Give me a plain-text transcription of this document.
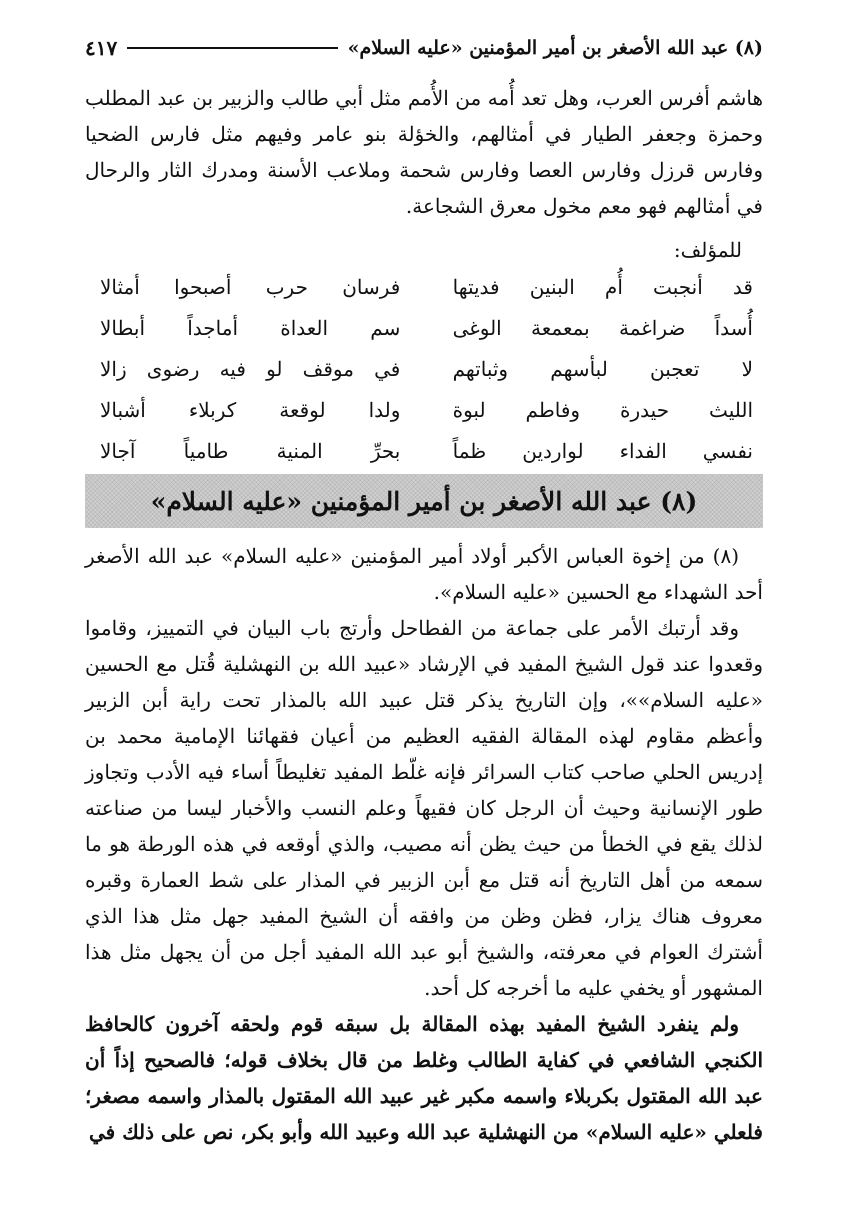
(٨) عبد الله الأصغر بن أمير المؤمنين «عليه السلام»
٤١٧

هاشم أفرس العرب، وهل تعد أُمه من الأُمم مثل أبي طالب والزبير بن عبد المطلب وحمزة وجعفر الطيار في أمثالهم، والخؤلة بنو عامر وفيهم مثل فارس الضحيا وفارس قرزل وفارس العصا وفارس شحمة وملاعب الأسنة ومدرك الثار والرحال في أمثالهم فهو معم مخول معرق الشجاعة.

للمؤلف:
قد أنجبت أُم البنين فديتها
فرسان حرب أصبحوا أمثالا
أُسداً ضراغمة بمعمعة الوغى
سم العداة أماجداً أبطالا
لا تعجبن لبأسهم وثباتهم
في موقف لو فيه رضوى زالا
الليث حيدرة وفاطم لبوة
ولدا لوقعة كربلاء أشبالا
نفسي الفداء لواردين ظماً
بحرِّ المنية طامياً آجالا
(٨) عبد الله الأصغر بن أمير المؤمنين «عليه السلام»

(٨) من إخوة العباس الأكبر أولاد أمير المؤمنين «عليه السلام» عبد الله الأصغر أحد الشهداء مع الحسين «عليه السلام».

وقد أرتبك الأمر على جماعة من الفطاحل وأرتج باب البيان في التمييز، وقاموا وقعدوا عند قول الشيخ المفيد في الإرشاد «عبيد الله بن النهشلية قُتل مع الحسين «عليه السلام»»، وإن التاريخ يذكر قتل عبيد الله بالمذار تحت راية أبن الزبير وأعظم مقاوم لهذه المقالة الفقيه العظيم من أعيان فقهائنا الإمامية محمد بن إدريس الحلي صاحب كتاب السرائر فإنه غلّط المفيد تغليطاً أساء فيه الأدب وتجاوز طور الإنسانية وحيث أن الرجل كان فقيهاً وعلم النسب والأخبار ليسا من صناعته لذلك يقع في الخطأ من حيث يظن أنه مصيب، والذي أوقعه في هذه الورطة هو ما سمعه من أهل التاريخ أنه قتل مع أبن الزبير في المذار على شط العمارة وقبره معروف هناك يزار، فظن وظن من وافقه أن الشيخ المفيد جهل مثل هذا الذي أشترك العوام في معرفته، والشيخ أبو عبد الله المفيد أجل من أن يجهل مثل هذا المشهور أو يخفي عليه ما أخرجه كل أحد.

ولم ينفرد الشيخ المفيد بهذه المقالة بل سبقه قوم ولحقه آخرون كالحافظ الكنجي الشافعي في كفاية الطالب وغلط من قال بخلاف قوله؛ فالصحيح إذاً أن عبد الله المقتول بكربلاء واسمه مكبر غير عبيد الله المقتول بالمذار واسمه مصغر؛ فلعلي «عليه السلام» من النهشلية عبد الله وعبيد الله وأبو بكر، نص على ذلك في
